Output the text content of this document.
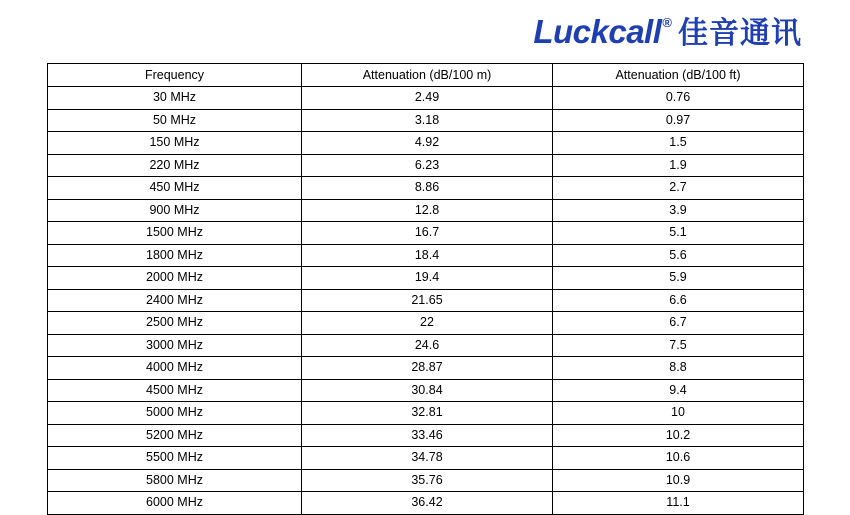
Luckcall ® 佳音通讯
Frequency	Attenuation (dB/100 m)	Attenuation (dB/100 ft)
30 MHz	2.49	0.76
50 MHz	3.18	0.97
150 MHz	4.92	1.5
220 MHz	6.23	1.9
450 MHz	8.86	2.7
900 MHz	12.8	3.9
1500 MHz	16.7	5.1
1800 MHz	18.4	5.6
2000 MHz	19.4	5.9
2400 MHz	21.65	6.6
2500 MHz	22	6.7
3000 MHz	24.6	7.5
4000 MHz	28.87	8.8
4500 MHz	30.84	9.4
5000 MHz	32.81	10
5200 MHz	33.46	10.2
5500 MHz	34.78	10.6
5800 MHz	35.76	10.9
6000 MHz	36.42	11.1
